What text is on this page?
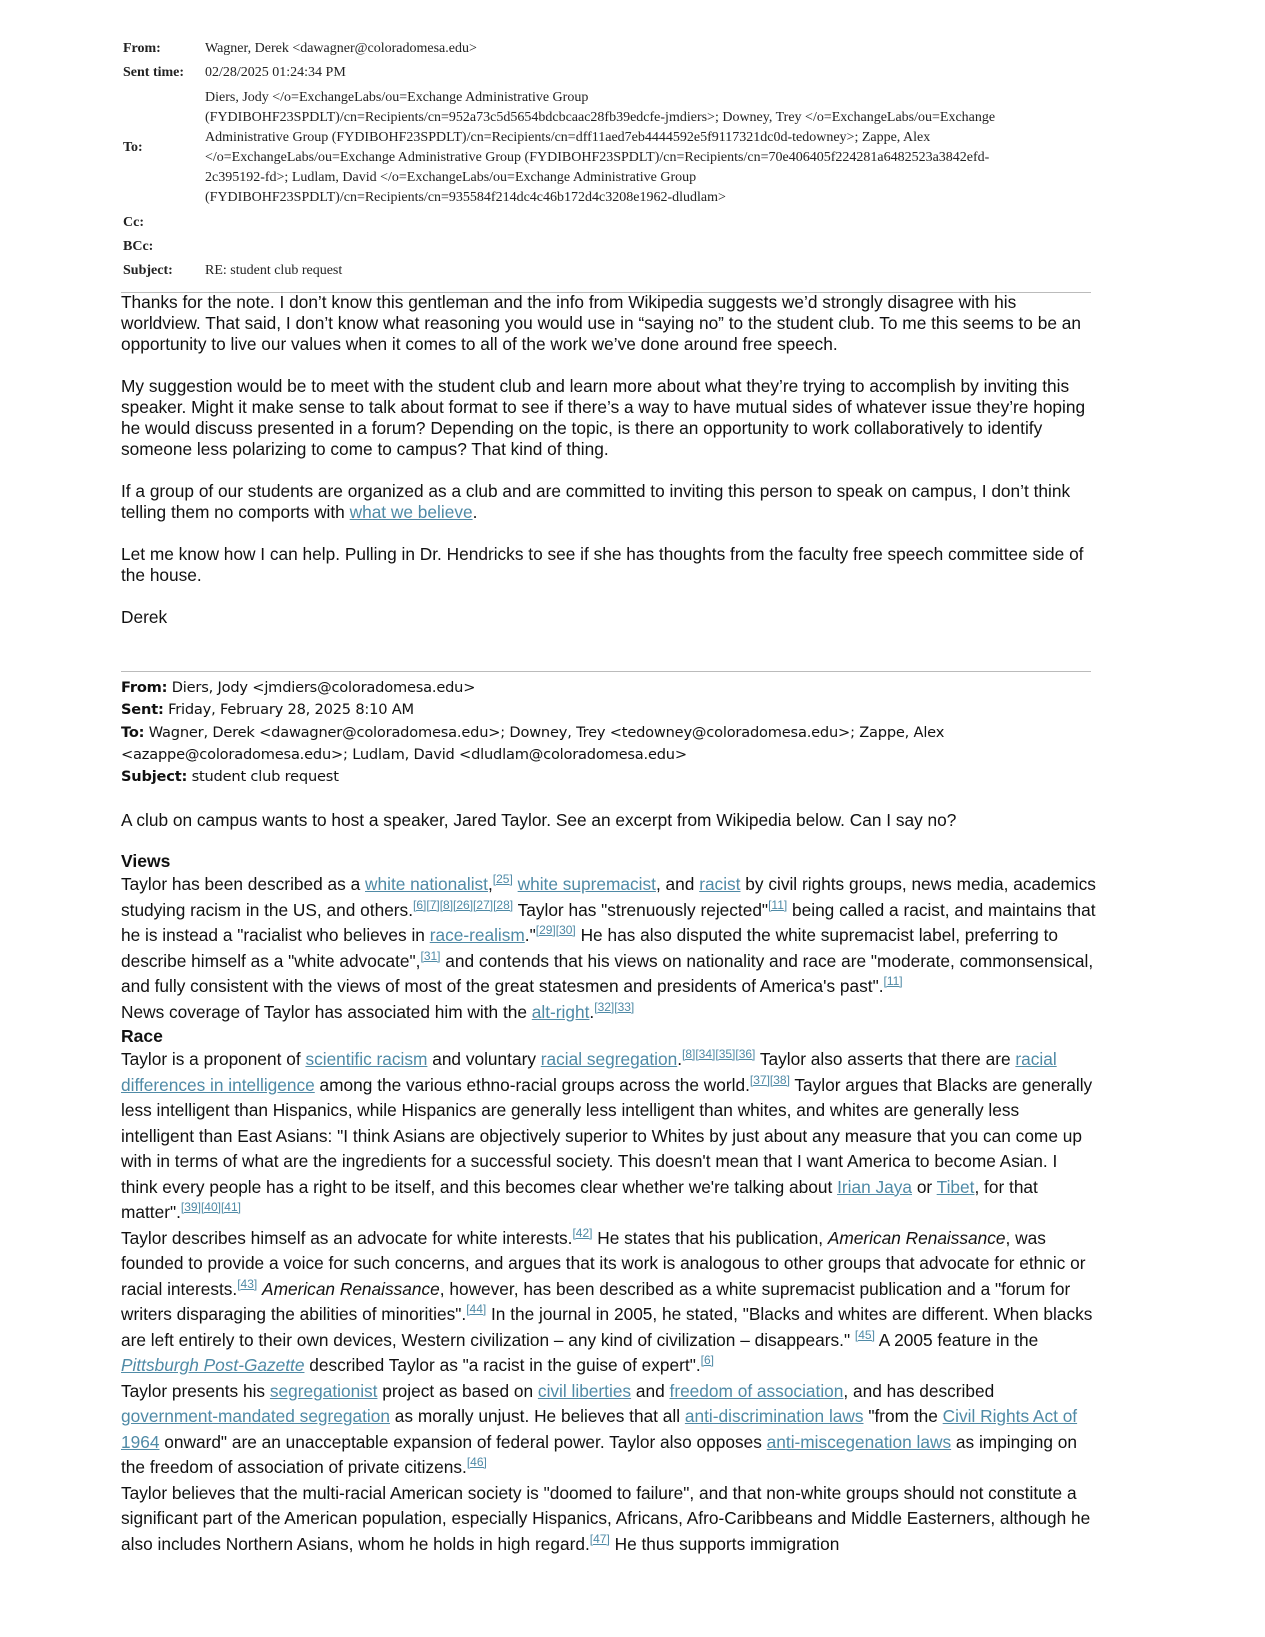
From:	Wagner, Derek <dawagner@coloradomesa.edu>
Sent time:	02/28/2025 01:24:34 PM
To:
Diers, Jody </o=ExchangeLabs/ou=Exchange Administrative Group
(FYDIBOHF23SPDLT)/cn=Recipients/cn=952a73c5d5654bdcbcaac28fb39edcfe-jmdiers>; Downey, Trey </o=ExchangeLabs/ou=Exchange
Administrative Group (FYDIBOHF23SPDLT)/cn=Recipients/cn=dff11aed7eb4444592e5f9117321dc0d-tedowney>; Zappe, Alex
</o=ExchangeLabs/ou=Exchange Administrative Group (FYDIBOHF23SPDLT)/cn=Recipients/cn=70e406405f224281a6482523a3842efd-
2c395192-fd>; Ludlam, David </o=ExchangeLabs/ou=Exchange Administrative Group
(FYDIBOHF23SPDLT)/cn=Recipients/cn=935584f214dc4c46b172d4c3208e1962-dludlam>
Cc:
BCc:
Subject:	RE: student club request

Thanks for the note. I don’t know this gentleman and the info from Wikipedia suggests we’d strongly disagree with his worldview. That said, I don’t know what reasoning you would use in “saying no” to the student club. To me this seems to be an opportunity to live our values when it comes to all of the work we’ve done around free speech.

My suggestion would be to meet with the student club and learn more about what they’re trying to accomplish by inviting this speaker. Might it make sense to talk about format to see if there’s a way to have mutual sides of whatever issue they’re hoping he would discuss presented in a forum? Depending on the topic, is there an opportunity to work collaboratively to identify someone less polarizing to come to campus? That kind of thing.

If a group of our students are organized as a club and are committed to inviting this person to speak on campus, I don’t think telling them no comports with what we believe.

Let me know how I can help. Pulling in Dr. Hendricks to see if she has thoughts from the faculty free speech committee side of the house.

Derek

From: Diers, Jody <jmdiers@coloradomesa.edu>
Sent: Friday, February 28, 2025 8:10 AM
To: Wagner, Derek <dawagner@coloradomesa.edu>; Downey, Trey <tedowney@coloradomesa.edu>; Zappe, Alex
<azappe@coloradomesa.edu>; Ludlam, David <dludlam@coloradomesa.edu>
Subject: student club request

A club on campus wants to host a speaker, Jared Taylor. See an excerpt from Wikipedia below. Can I say no?

Views

Taylor has been described as a white nationalist,[25] white supremacist, and racist by civil rights groups, news media, academics studying racism in the US, and others.[6][7][8][26][27][28] Taylor has "strenuously rejected"[11] being called a racist, and maintains that he is instead a "racialist who believes in race-realism."[29][30] He has also disputed the white supremacist label, preferring to describe himself as a "white advocate",[31] and contends that his views on nationality and race are "moderate, commonsensical, and fully consistent with the views of most of the great statesmen and presidents of America's past".[11]

News coverage of Taylor has associated him with the alt-right.[32][33]

Race

Taylor is a proponent of scientific racism and voluntary racial segregation.[8][34][35][36] Taylor also asserts that there are racial differences in intelligence among the various ethno-racial groups across the world.[37][38] Taylor argues that Blacks are generally less intelligent than Hispanics, while Hispanics are generally less intelligent than whites, and whites are generally less intelligent than East Asians: "I think Asians are objectively superior to Whites by just about any measure that you can come up with in terms of what are the ingredients for a successful society. This doesn't mean that I want America to become Asian. I think every people has a right to be itself, and this becomes clear whether we're talking about Irian Jaya or Tibet, for that matter".[39][40][41]

Taylor describes himself as an advocate for white interests.[42] He states that his publication, American Renaissance, was founded to provide a voice for such concerns, and argues that its work is analogous to other groups that advocate for ethnic or racial interests.[43] American Renaissance, however, has been described as a white supremacist publication and a "forum for writers disparaging the abilities of minorities".[44] In the journal in 2005, he stated, "Blacks and whites are different. When blacks are left entirely to their own devices, Western civilization – any kind of civilization – disappears." [45] A 2005 feature in the Pittsburgh Post-Gazette described Taylor as "a racist in the guise of expert".[6]

Taylor presents his segregationist project as based on civil liberties and freedom of association, and has described government-mandated segregation as morally unjust. He believes that all anti-discrimination laws "from the Civil Rights Act of 1964 onward" are an unacceptable expansion of federal power. Taylor also opposes anti-miscegenation laws as impinging on the freedom of association of private citizens.[46]

Taylor believes that the multi-racial American society is "doomed to failure", and that non-white groups should not constitute a significant part of the American population, especially Hispanics, Africans, Afro-Caribbeans and Middle Easterners, although he also includes Northern Asians, whom he holds in high regard.[47] He thus supports immigration
